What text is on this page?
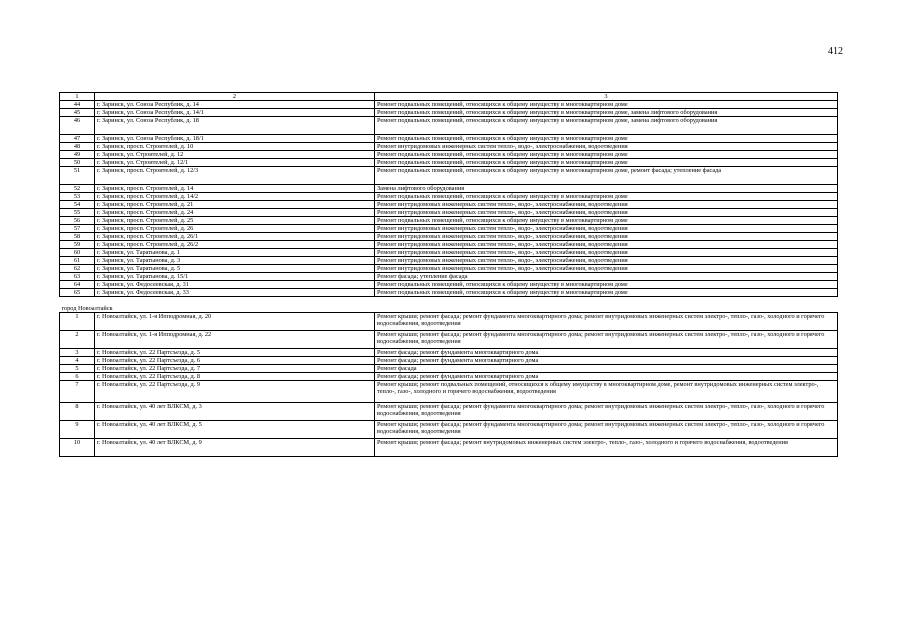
412
1	2	3
44	г. Заринск, ул. Союза Республик, д. 14	Ремонт подвальных помещений, относящихся к общему имуществу в многоквартирном доме
45	г. Заринск, ул. Союза Республик, д. 14/1	Ремонт подвальных помещений, относящихся к общему имуществу в многоквартирном доме, замена лифтового оборудования
46	г. Заринск, ул. Союза Республик, д. 18	Ремонт подвальных помещений, относящихся к общему имуществу в многоквартирном доме, замена лифтового оборудования
47	г. Заринск, ул. Союза Республик, д. 18/1	Ремонт подвальных помещений, относящихся к общему имуществу в многоквартирном доме
48	г. Заринск, просп. Строителей, д. 10	Ремонт внутридомовых инженерных систем тепло-, водо-, электроснабжения, водоотведения
49	г. Заринск, ул. Строителей, д. 12	Ремонт подвальных помещений, относящихся к общему имуществу в многоквартирном доме
50	г. Заринск, ул. Строителей, д. 12/1	Ремонт подвальных помещений, относящихся к общему имуществу в многоквартирном доме
51	г. Заринск, просп. Строителей, д. 12/3	Ремонт подвальных помещений, относящихся к общему имуществу в многоквартирном доме, ремонт фасада; утепление фасада
52	г. Заринск, просп. Строителей, д. 14	Замена лифтового оборудования
53	г. Заринск, просп. Строителей, д. 14/2	Ремонт подвальных помещений, относящихся к общему имуществу в многоквартирном доме
54	г. Заринск, просп. Строителей, д. 21	Ремонт внутридомовых инженерных систем тепло-, водо-, электроснабжения, водоотведения
55	г. Заринск, просп. Строителей, д. 24	Ремонт внутридомовых инженерных систем тепло-, водо-, электроснабжения, водоотведения
56	г. Заринск, просп. Строителей, д. 25	Ремонт подвальных помещений, относящихся к общему имуществу в многоквартирном доме
57	г. Заринск, просп. Строителей, д. 26	Ремонт внутридомовых инженерных систем тепло-, водо-, электроснабжения, водоотведения
58	г. Заринск, просп. Строителей, д. 26/1	Ремонт внутридомовых инженерных систем тепло-, водо-, электроснабжения, водоотведения
59	г. Заринск, просп. Строителей, д. 26/2	Ремонт внутридомовых инженерных систем тепло-, водо-, электроснабжения, водоотведения
60	г. Заринск, ул. Таратынова, д. 1	Ремонт внутридомовых инженерных систем тепло-, водо-, электроснабжения, водоотведения
61	г. Заринск, ул. Таратынова, д. 3	Ремонт внутридомовых инженерных систем тепло-, водо-, электроснабжения, водоотведения
62	г. Заринск, ул. Таратынова, д. 5	Ремонт внутридомовых инженерных систем тепло-, водо-, электроснабжения, водоотведения
63	г. Заринск, ул. Таратынова, д. 15/1	Ремонт фасада; утепление фасада
64	г. Заринск, ул. Федосеевская, д. 31	Ремонт подвальных помещений, относящихся к общему имуществу в многоквартирном доме
65	г. Заринск, ул. Федосеевская, д. 33	Ремонт подвальных помещений, относящихся к общему имуществу в многоквартирном доме
город Новоалтайск		
1	г. Новоалтайск, ул. 1-я Ипподромная, д. 20	Ремонт крыши; ремонт фасада; ремонт фундамента многоквартирного дома; ремонт внутридомовых инженерных систем электро-, тепло-, газо-, холодного и горячего водоснабжения, водоотведения
2	г. Новоалтайск, ул. 1-я Ипподромная, д. 22	Ремонт крыши; ремонт фасада; ремонт фундамента многоквартирного дома; ремонт внутридомовых инженерных систем электро-, тепло-, газо-, холодного и горячего водоснабжения, водоотведения
3	г. Новоалтайск, ул. 22 Партсъезда, д. 5	Ремонт фасада; ремонт фундамента многоквартирного дома
4	г. Новоалтайск, ул. 22 Партсъезда, д. 6	Ремонт фасада; ремонт фундамента многоквартирного дома
5	г. Новоалтайск, ул. 22 Партсъезда, д. 7	Ремонт фасада
6	г. Новоалтайск, ул. 22 Партсъезда, д. 8	Ремонт фасада; ремонт фундамента многоквартирного дома
7	г. Новоалтайск, ул. 22 Партсъезда, д. 9	Ремонт крыши; ремонт подвальных помещений, относящихся к общему имуществу в многоквартирном доме, ремонт внутридомовых инженерных систем электро-, тепло-, газо-, холодного и горячего водоснабжения, водоотведения
8	г. Новоалтайск, ул. 40 лет ВЛКСМ, д. 3	Ремонт крыши; ремонт фасада; ремонт фундамента многоквартирного дома; ремонт внутридомовых инженерных систем электро-, тепло-, газо-, холодного и горячего водоснабжения, водоотведения
9	г. Новоалтайск, ул. 40 лет ВЛКСМ, д. 5	Ремонт крыши; ремонт фасада; ремонт фундамента многоквартирного дома; ремонт внутридомовых инженерных систем электро-, тепло-, газо-, холодного и горячего водоснабжения, водоотведения
10	г. Новоалтайск, ул. 40 лет ВЛКСМ, д. 9	Ремонт крыши; ремонт фасада; ремонт внутридомовых инженерных систем электро-, тепло-, газо-, холодного и горячего водоснабжения, водоотведения
